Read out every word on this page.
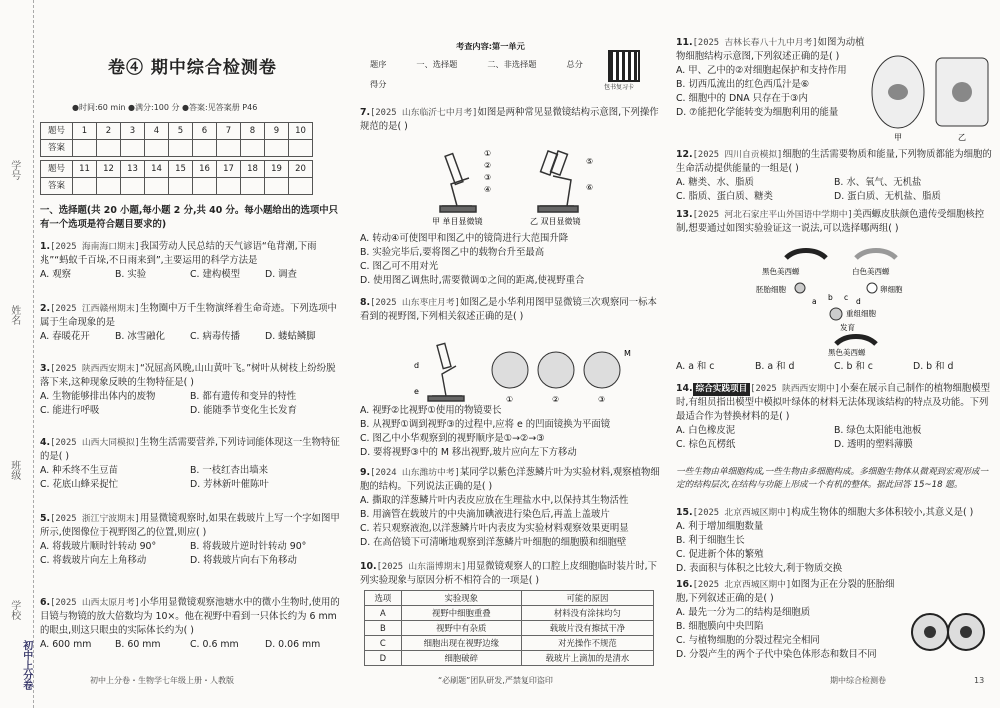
学号
姓名
班级
学校
初中上分卷
卷④ 期中综合检测卷
●时间:60 min ●满分:100 分 ●答案:见答案册 P46
题号	1	2	3	4	5	6	7	8	9	10
答案										
题号	11	12	13	14	15	16	17	18	19	20
答案										
一、选择题(共 20 小题,每小题 2 分,共 40 分。每小题给出的选项中只有一个选项是符合题目要求的)
1.[2025 海南海口期末]我国劳动人民总结的天气谚语“龟背潮,下雨兆”“蚂蚁千百垛,不日雨来到”,主要运用的科学方法是
A. 观察	B. 实验	C. 建构模型	D. 调查
2.[2025 江西赣州期末]生物圈中万千生物演绎着生命奇迹。下列选项中属于生命现象的是
A. 春暖花开	B. 冰雪融化	C. 病毒传播	D. 蝼蛄鳞脚
3.[2025 陕西西安期末]“况屈高风晚,山山黄叶飞。”树叶从树枝上纷纷脱落下来,这种现象反映的生物特征是( )
A. 生物能够排出体内的废物	B. 都有遗传和变异的特性
C. 能进行呼吸	D. 能随季节变化生长发育
4.[2025 山西大同模拟]生物生活需要营养,下列诗词能体现这一生物特征的是( )
A. 种禾终不生豆苗	B. 一枝红杏出墙来
C. 花底山蜂采捉忙	D. 芳林新叶催陈叶
5.[2025 浙江宁波期末]用显微镜观察时,如果在载玻片上写一个字如图甲所示,使图像位于视野图乙的位置,则应( )
A. 将载玻片顺时针转动 90°	B. 将载玻片逆时针转动 90°
C. 将载玻片向左上角移动	D. 将载玻片向右下角移动
6.[2025 山西太原月考]小华用显微镜观察池塘水中的微小生物时,使用的目镜与物镜的放大倍数均为 10×。他在视野中看到一只体长约为 6 mm 的眼虫,则这只眼虫的实际体长约为( )
A. 600 mm	B. 60 mm	C. 0.6 mm	D. 0.06 mm
初中上分卷・生物学七年级上册・人教版
考查内容:第一单元
题序	一、选择题	二、非选择题	总分
得分	包书复习卡
7.[2025 山东临沂七中月考]如图是两种常见显微镜结构示意图,下列操作规范的是( )
①
②
③
④
⑤
⑥
甲 单目显微镜	乙 双目显微镜
A. 转动④可使图甲和图乙中的镜筒进行大范围升降
B. 实验完毕后,要将图乙中的载物台升至最高
C. 图乙可不用对光
D. 使用图乙调焦时,需要微调①之间的距离,使视野重合
8.[2025 山东枣庄月考]如图乙是小华利用图甲显微镜三次观察同一标本看到的视野图,下列相关叙述正确的是( )
d
e
M
①	②	③
A. 视野②比视野①使用的物镜要长
B. 从视野①调到视野③的过程中,应将 e 的凹面镜换为平面镜
C. 图乙中小华观察到的视野顺序是①→②→③
D. 要将视野③中的 M 移出视野,玻片应向左下方移动
9.[2024 山东潍坊中考]某同学以紫色洋葱鳞片叶为实验材料,观察植物细胞的结构。下列说法正确的是( )
A. 撕取的洋葱鳞片叶内表皮应放在生理盐水中,以保持其生物活性
B. 用滴管在载玻片的中央滴加碘液进行染色后,再盖上盖玻片
C. 若只观察液泡,以洋葱鳞片叶内表皮为实验材料观察效果更明显
D. 在高倍镜下可清晰地观察到洋葱鳞片叶细胞的细胞膜和细胞壁
10.[2025 山东淄博期末]用显微镜观察人的口腔上皮细胞临时装片时,下列实验现象与原因分析不相符合的一项是( )
选项	实验现象	可能的原因
A	视野中细胞重叠	材料没有涂抹均匀
B	视野中有杂质	载玻片没有擦拭干净
C	细胞出现在视野边缘	对光操作不规范
D	细胞破碎	载玻片上滴加的是清水
“必刷题”团队研发,严禁复印盗印
11.[2025 吉林长春八十九中月考]如图为动植物细胞结构示意图,下列叙述正确的是( )
A. 甲、乙中的②对细胞起保护和支持作用
B. 切西瓜流出的红色西瓜汁是⑥
C. 细胞中的 DNA 只存在于③内
D. ⑦能把化学能转变为细胞利用的能量
甲	乙
12.[2025 四川自贡模拟]细胞的生活需要物质和能量,下列物质都能为细胞的生命活动提供能量的一组是( )
A. 糖类、水、脂质	B. 水、氧气、无机盐
C. 脂质、蛋白质、糖类	D. 蛋白质、无机盐、脂质
13.[2025 河北石家庄平山外国语中学期中]美西螈皮肤颜色遗传受细胞核控制,想要通过如图实验验证这一说法,可以选择哪两组( )
黑色美西螈	白色美西螈
胚胎细胞	卵细胞
a b c d
重组细胞
发育
黑色美西螈
A. a 和 c	B. a 和 d	C. b 和 c	D. b 和 d
14. 综合实践项目 [2025 陕西西安期中]小秦在展示自己制作的植物细胞模型时,有组员指出模型中模拟叶绿体的材料无法体现该结构的特点及功能。下列最适合作为替换材料的是( )
A. 白色橡皮泥	B. 绿色太阳能电池板
C. 棕色瓦楞纸	D. 透明的塑料薄膜
一些生物由单细胞构成,一些生物由多细胞构成。多细胞生物体从微观到宏观形成一定的结构层次,在结构与功能上形成一个有机的整体。据此回答 15~18 题。
15.[2025 北京西城区期中]构成生物体的细胞大多体积较小,其意义是( )
A. 利于增加细胞数量
B. 利于细胞生长
C. 促进新个体的繁殖
D. 表面积与体积之比较大,利于物质交换
16.[2025 北京西城区期中]如图为正在分裂的胚胎细胞,下列叙述正确的是( )
A. 最先一分为二的结构是细胞质
B. 细胞膜向中央凹陷
C. 与植物细胞的分裂过程完全相同
D. 分裂产生的两个子代中染色体形态和数目不同
期中综合检测卷	13
